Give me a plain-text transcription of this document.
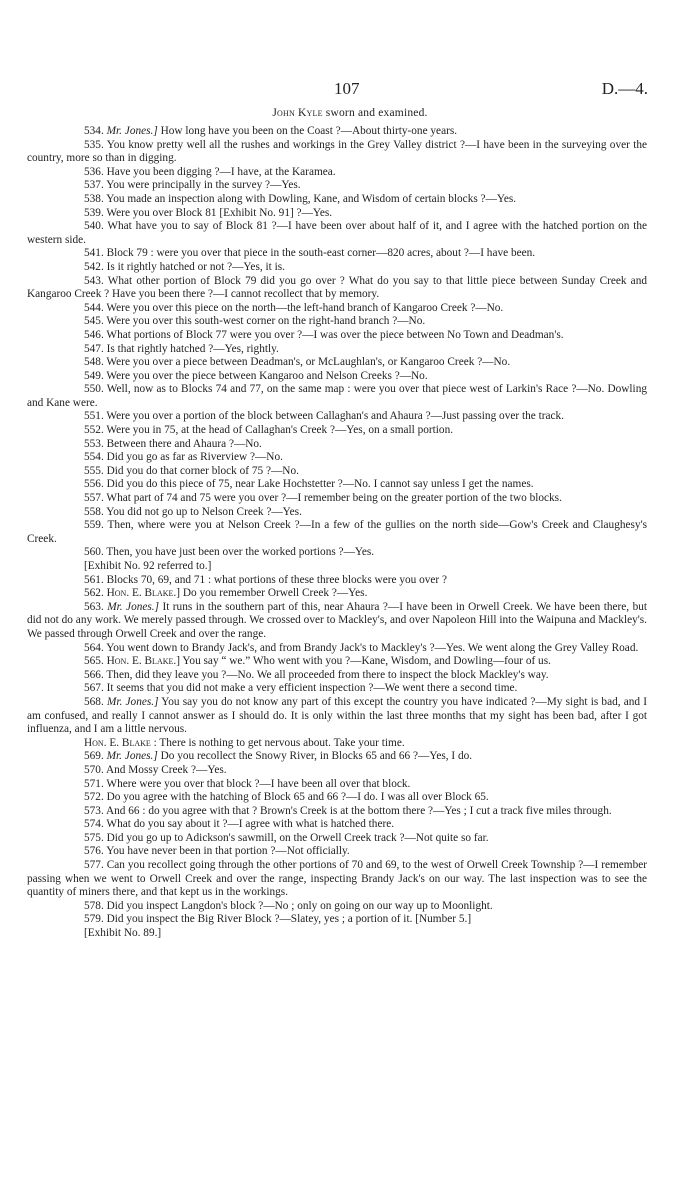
107	D.—4.
John Kyle sworn and examined.

534. Mr. Jones.] How long have you been on the Coast ?—About thirty-one years.

535. You know pretty well all the rushes and workings in the Grey Valley district ?—I have been in the surveying over the country, more so than in digging.

536. Have you been digging ?—I have, at the Karamea.

537. You were principally in the survey ?—Yes.

538. You made an inspection along with Dowling, Kane, and Wisdom of certain blocks ?—Yes.

539. Were you over Block 81 [Exhibit No. 91] ?—Yes.

540. What have you to say of Block 81 ?—I have been over about half of it, and I agree with the hatched portion on the western side.

541. Block 79 : were you over that piece in the south-east corner—820 acres, about ?—I have been.

542. Is it rightly hatched or not ?—Yes, it is.

543. What other portion of Block 79 did you go over ? What do you say to that little piece between Sunday Creek and Kangaroo Creek ? Have you been there ?—I cannot recollect that by memory.

544. Were you over this piece on the north—the left-hand branch of Kangaroo Creek ?—No.

545. Were you over this south-west corner on the right-hand branch ?—No.

546. What portions of Block 77 were you over ?—I was over the piece between No Town and Deadman's.

547. Is that rightly hatched ?—Yes, rightly.

548. Were you over a piece between Deadman's, or McLaughlan's, or Kangaroo Creek ?—No.

549. Were you over the piece between Kangaroo and Nelson Creeks ?—No.

550. Well, now as to Blocks 74 and 77, on the same map : were you over that piece west of Larkin's Race ?—No. Dowling and Kane were.

551. Were you over a portion of the block between Callaghan's and Ahaura ?—Just passing over the track.

552. Were you in 75, at the head of Callaghan's Creek ?—Yes, on a small portion.

553. Between there and Ahaura ?—No.

554. Did you go as far as Riverview ?—No.

555. Did you do that corner block of 75 ?—No.

556. Did you do this piece of 75, near Lake Hochstetter ?—No. I cannot say unless I get the names.

557. What part of 74 and 75 were you over ?—I remember being on the greater portion of the two blocks.

558. You did not go up to Nelson Creek ?—Yes.

559. Then, where were you at Nelson Creek ?—In a few of the gullies on the north side—Gow's Creek and Claughesy's Creek.

560. Then, you have just been over the worked portions ?—Yes.

[Exhibit No. 92 referred to.]

561. Blocks 70, 69, and 71 : what portions of these three blocks were you over ?

562. Hon. E. Blake.] Do you remember Orwell Creek ?—Yes.

563. Mr. Jones.] It runs in the southern part of this, near Ahaura ?—I have been in Orwell Creek. We have been there, but did not do any work. We merely passed through. We crossed over to Mackley's, and over Napoleon Hill into the Waipuna and Mackley's. We passed through Orwell Creek and over the range.

564. You went down to Brandy Jack's, and from Brandy Jack's to Mackley's ?—Yes. We went along the Grey Valley Road.

565. Hon. E. Blake.] You say “ we.” Who went with you ?—Kane, Wisdom, and Dowling—four of us.

566. Then, did they leave you ?—No. We all proceeded from there to inspect the block Mackley's way.

567. It seems that you did not make a very efficient inspection ?—We went there a second time.

568. Mr. Jones.] You say you do not know any part of this except the country you have indicated ?—My sight is bad, and I am confused, and really I cannot answer as I should do. It is only within the last three months that my sight has been bad, after I got influenza, and I am a little nervous.

Hon. E. Blake : There is nothing to get nervous about. Take your time.

569. Mr. Jones.] Do you recollect the Snowy River, in Blocks 65 and 66 ?—Yes, I do.

570. And Mossy Creek ?—Yes.

571. Where were you over that block ?—I have been all over that block.

572. Do you agree with the hatching of Block 65 and 66 ?—I do. I was all over Block 65.

573. And 66 : do you agree with that ? Brown's Creek is at the bottom there ?—Yes ; I cut a track five miles through.

574. What do you say about it ?—I agree with what is hatched there.

575. Did you go up to Adickson's sawmill, on the Orwell Creek track ?—Not quite so far.

576. You have never been in that portion ?—Not officially.

577. Can you recollect going through the other portions of 70 and 69, to the west of Orwell Creek Township ?—I remember passing when we went to Orwell Creek and over the range, inspecting Brandy Jack's on our way. The last inspection was to see the quantity of miners there, and that kept us in the workings.

578. Did you inspect Langdon's block ?—No ; only on going on our way up to Moonlight.

579. Did you inspect the Big River Block ?—Slatey, yes ; a portion of it. [Number 5.]

[Exhibit No. 89.]
